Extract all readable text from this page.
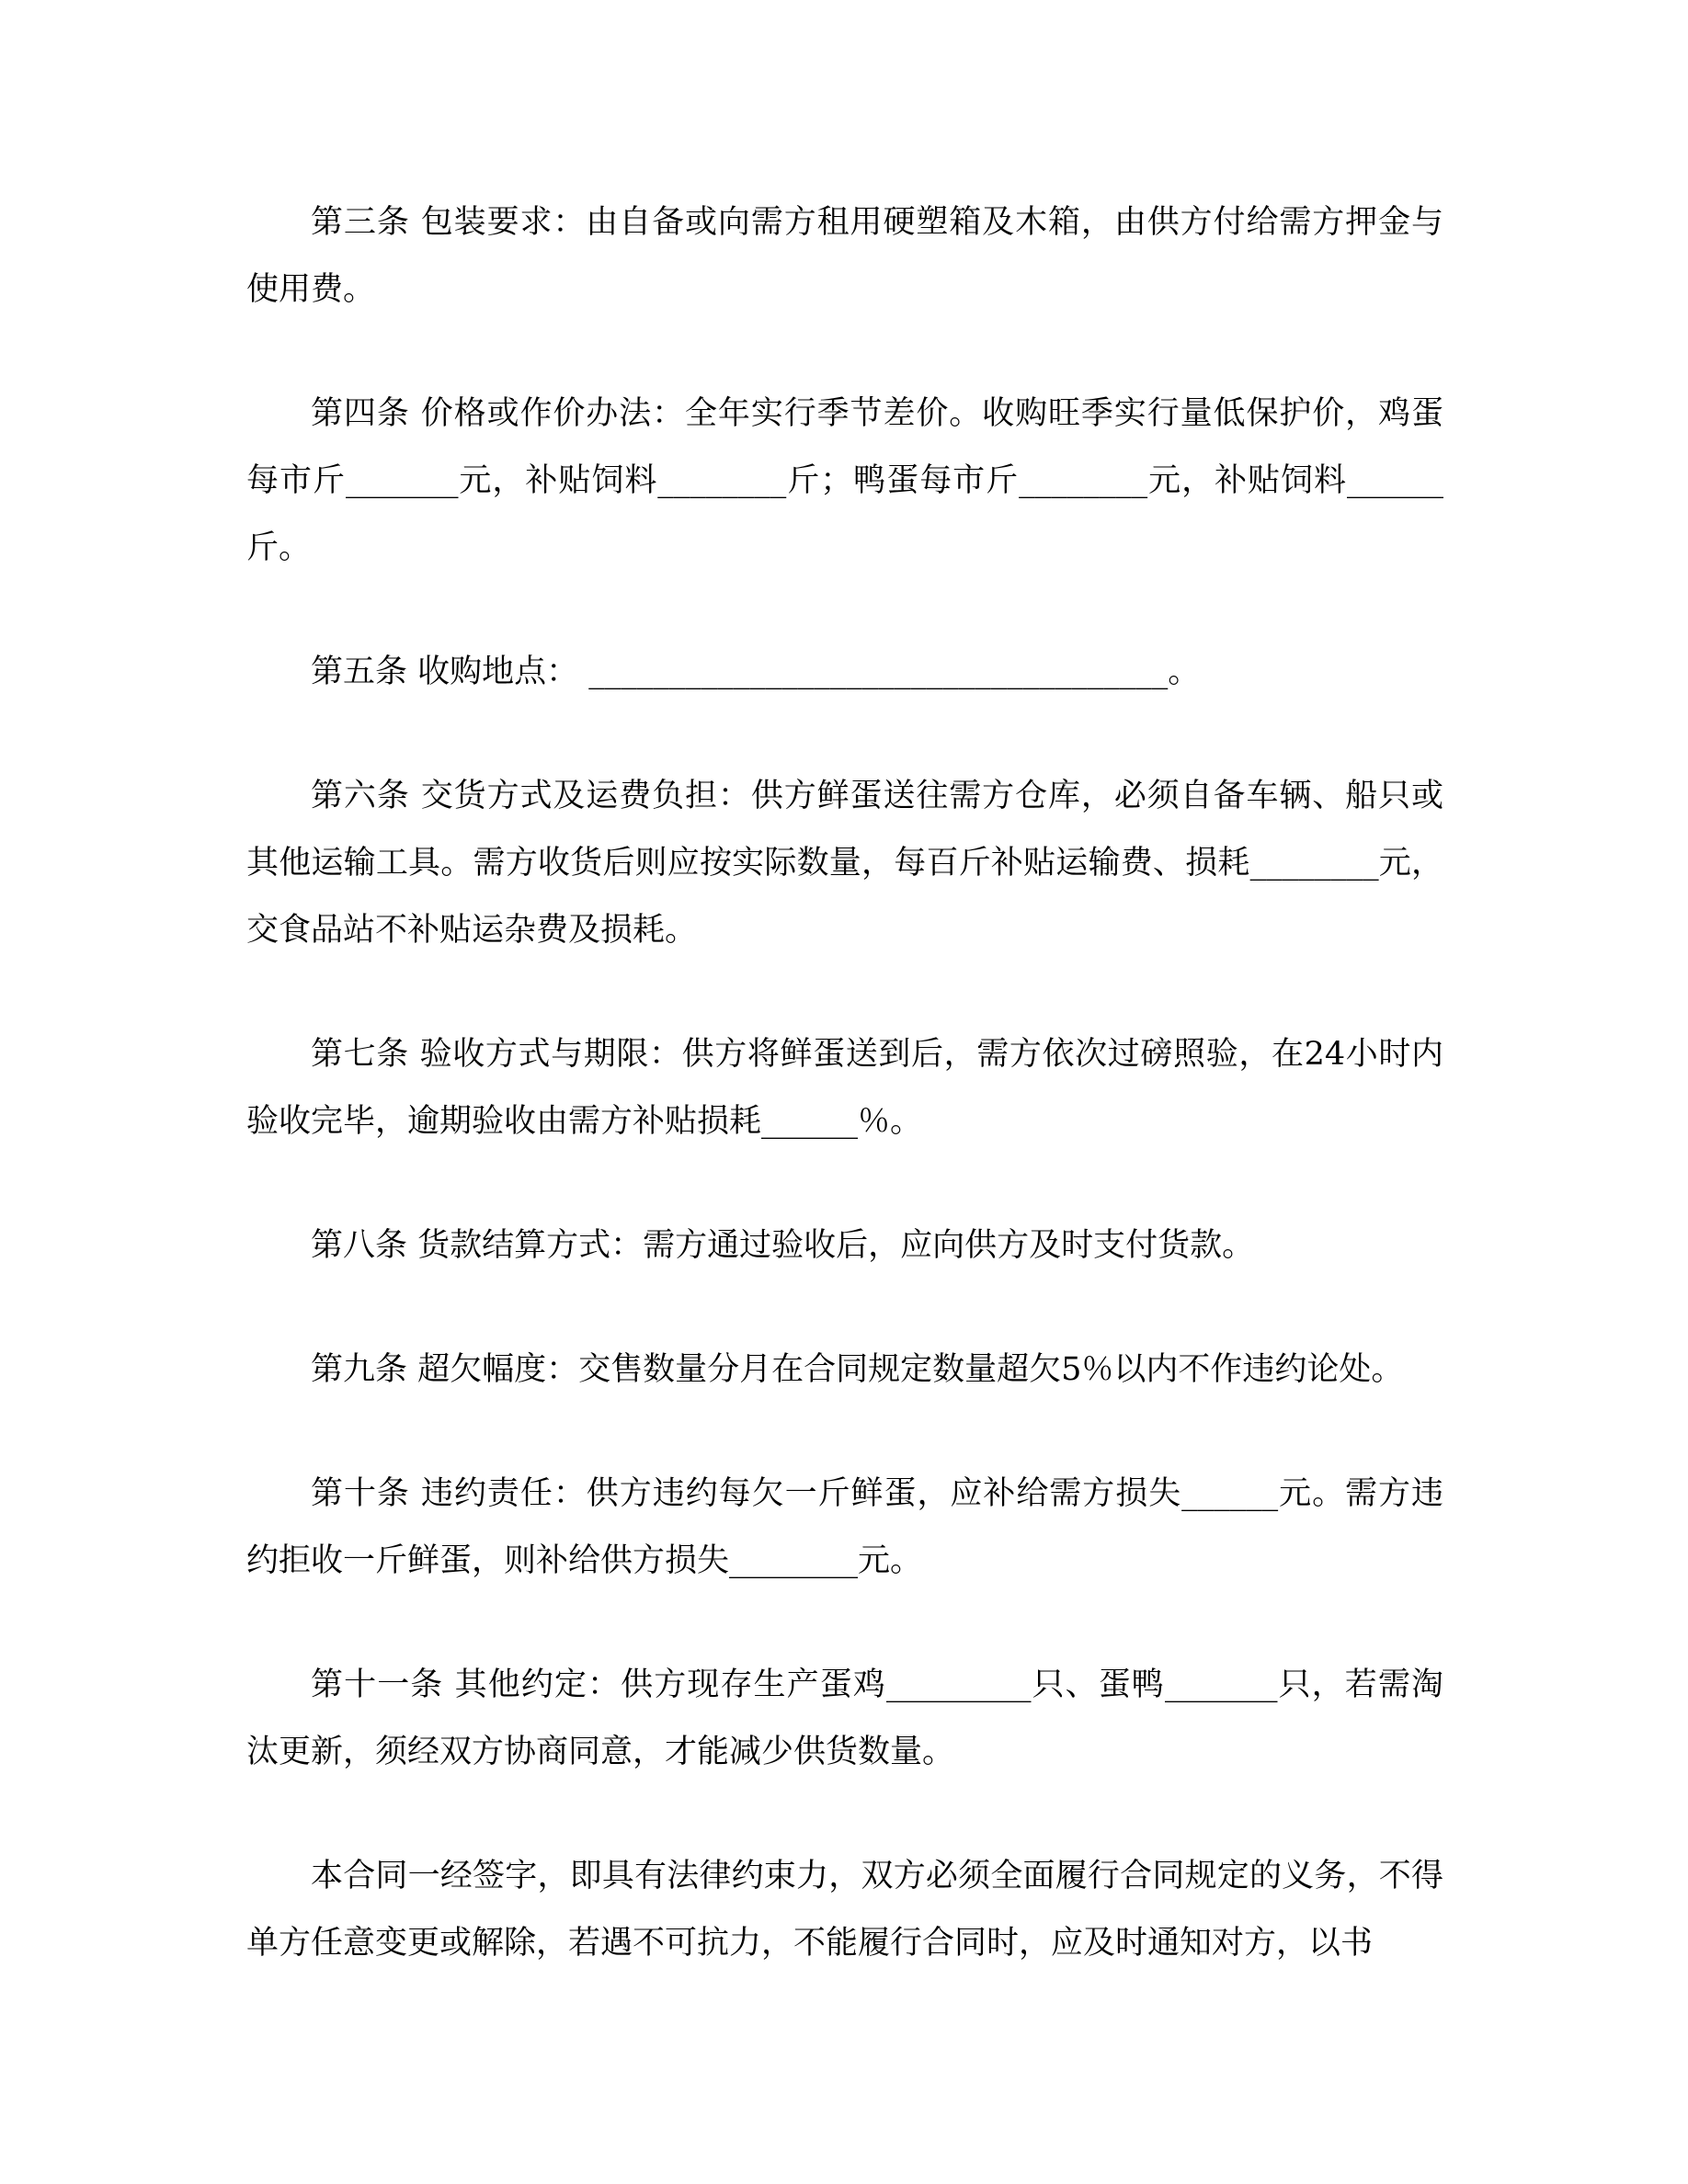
第三条 包装要求：由自备或向需方租用硬塑箱及木箱，由供方付给需方押金与使用费。

第四条 价格或作价办法：全年实行季节差价。收购旺季实行量低保护价，鸡蛋每市斤_______元，补贴饲料________斤；鸭蛋每市斤________元，补贴饲料______斤。

第五条 收购地点： ____________________________________。

第六条 交货方式及运费负担：供方鲜蛋送往需方仓库，必须自备车辆、船只或其他运输工具。需方收货后则应按实际数量，每百斤补贴运输费、损耗________元，交食品站不补贴运杂费及损耗。

第七条 验收方式与期限：供方将鲜蛋送到后，需方依次过磅照验，在24小时内验收完毕，逾期验收由需方补贴损耗______％。

第八条 货款结算方式：需方通过验收后，应向供方及时支付货款。

第九条 超欠幅度：交售数量分月在合同规定数量超欠5％以内不作违约论处。

第十条 违约责任：供方违约每欠一斤鲜蛋，应补给需方损失______元。需方违约拒收一斤鲜蛋，则补给供方损失________元。

第十一条 其他约定：供方现存生产蛋鸡_________只、蛋鸭_______只，若需淘汰更新，须经双方协商同意，才能减少供货数量。

本合同一经签字，即具有法律约束力，双方必须全面履行合同规定的义务，不得单方任意变更或解除，若遇不可抗力，不能履行合同时，应及时通知对方，以书
